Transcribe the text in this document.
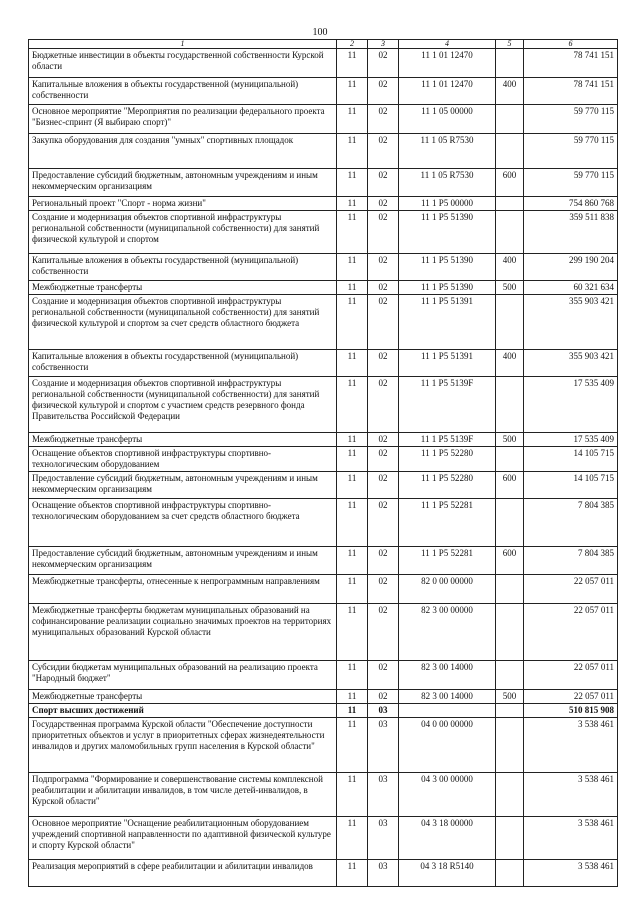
100
1	2	3	4	5	6
Бюджетные инвестиции в объекты государственной собственности Курской области	11	02	11 1 01 12470		78 741 151
Капитальные вложения в объекты государственной (муниципальной) собственности	11	02	11 1 01 12470	400	78 741 151
Основное мероприятие "Мероприятия по реализации федерального проекта "Бизнес-спринт (Я выбираю спорт)"	11	02	11 1 05 00000		59 770 115
Закупка оборудования для создания "умных" спортивных площадок	11	02	11 1 05 R7530		59 770 115
Предоставление субсидий бюджетным, автономным учреждениям и иным некоммерческим организациям	11	02	11 1 05 R7530	600	59 770 115
Региональный проект "Спорт - норма жизни"	11	02	11 1 P5 00000		754 860 768
Создание и модернизация объектов спортивной инфраструктуры региональной собственности (муниципальной собственности) для занятий физической культурой и спортом	11	02	11 1 P5 51390		359 511 838
Капитальные вложения в объекты государственной (муниципальной) собственности	11	02	11 1 P5 51390	400	299 190 204
Межбюджетные трансферты	11	02	11 1 P5 51390	500	60 321 634
Создание и модернизация объектов спортивной инфраструктуры региональной собственности (муниципальной собственности) для занятий физической культурой и спортом за счет средств областного бюджета	11	02	11 1 P5 51391		355 903 421
Капитальные вложения в объекты государственной (муниципальной) собственности	11	02	11 1 P5 51391	400	355 903 421
Создание и модернизация объектов спортивной инфраструктуры региональной собственности (муниципальной собственности) для занятий физической культурой и спортом с участием средств резервного фонда Правительства Российской Федерации	11	02	11 1 P5 5139F		17 535 409
Межбюджетные трансферты	11	02	11 1 P5 5139F	500	17 535 409
Оснащение объектов спортивной инфраструктуры спортивно-технологическим оборудованием	11	02	11 1 P5 52280		14 105 715
Предоставление субсидий бюджетным, автономным учреждениям и иным некоммерческим организациям	11	02	11 1 P5 52280	600	14 105 715
Оснащение объектов спортивной инфраструктуры спортивно-технологическим оборудованием за счет средств областного бюджета	11	02	11 1 P5 52281		7 804 385
Предоставление субсидий бюджетным, автономным учреждениям и иным некоммерческим организациям	11	02	11 1 P5 52281	600	7 804 385
Межбюджетные трансферты, отнесенные к непрограммным направлениям	11	02	82 0 00 00000		22 057 011
Межбюджетные трансферты бюджетам муниципальных образований на софинансирование реализации социально значимых проектов на территориях муниципальных образований Курской области	11	02	82 3 00 00000		22 057 011
Субсидии бюджетам муниципальных образований на реализацию проекта "Народный бюджет"	11	02	82 3 00 14000		22 057 011
Межбюджетные трансферты	11	02	82 3 00 14000	500	22 057 011
Спорт высших достижений	11	03			510 815 908
Государственная программа Курской области "Обеспечение доступности приоритетных объектов и услуг в приоритетных сферах жизнедеятельности инвалидов и других маломобильных групп населения в Курской области"	11	03	04 0 00 00000		3 538 461
Подпрограмма "Формирование и совершенствование системы комплексной реабилитации и абилитации инвалидов, в том числе детей-инвалидов, в Курской области"	11	03	04 3 00 00000		3 538 461
Основное мероприятие "Оснащение реабилитационным оборудованием учреждений спортивной направленности по адаптивной физической культуре и спорту Курской области"	11	03	04 3 18 00000		3 538 461
Реализация мероприятий в сфере реабилитации и абилитации инвалидов	11	03	04 3 18 R5140		3 538 461
